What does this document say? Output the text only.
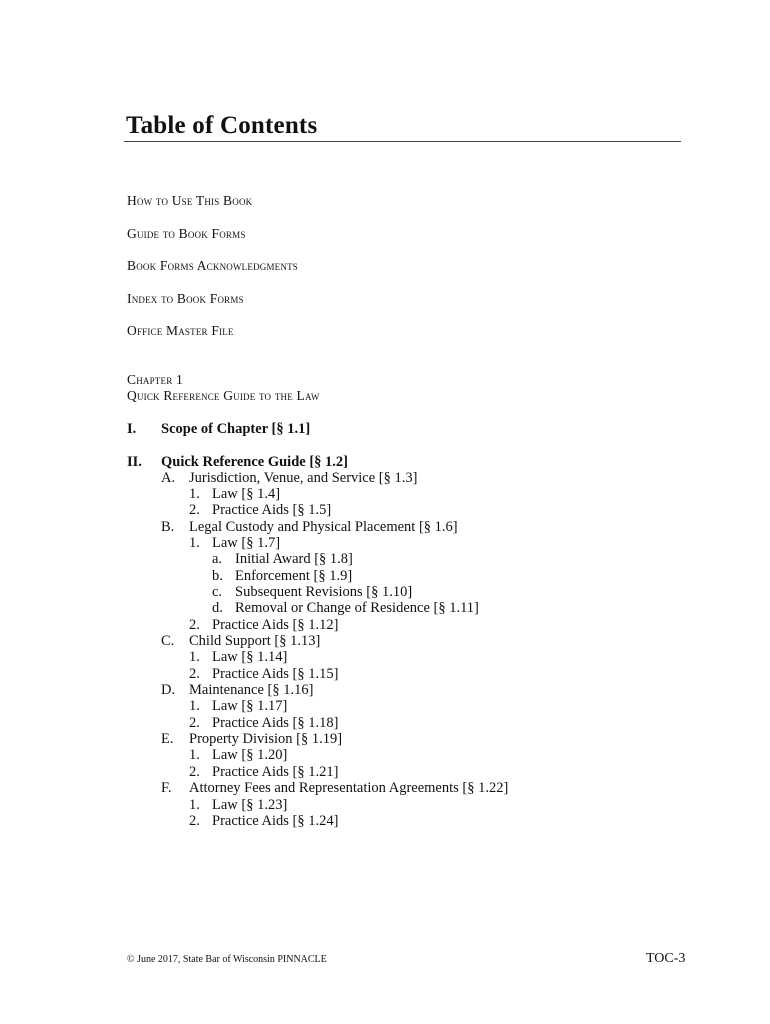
Table of Contents
How to Use This Book
Guide to Book Forms
Book Forms Acknowledgments
Index to Book Forms
Office Master File
Chapter 1
Quick Reference Guide to the Law
I. Scope of Chapter [§ 1.1]
II. Quick Reference Guide [§ 1.2]
A. Jurisdiction, Venue, and Service [§ 1.3]
1. Law [§ 1.4]
2. Practice Aids [§ 1.5]
B. Legal Custody and Physical Placement [§ 1.6]
1. Law [§ 1.7]
a. Initial Award [§ 1.8]
b. Enforcement [§ 1.9]
c. Subsequent Revisions [§ 1.10]
d. Removal or Change of Residence [§ 1.11]
2. Practice Aids [§ 1.12]
C. Child Support [§ 1.13]
1. Law [§ 1.14]
2. Practice Aids [§ 1.15]
D. Maintenance [§ 1.16]
1. Law [§ 1.17]
2. Practice Aids [§ 1.18]
E. Property Division [§ 1.19]
1. Law [§ 1.20]
2. Practice Aids [§ 1.21]
F. Attorney Fees and Representation Agreements [§ 1.22]
1. Law [§ 1.23]
2. Practice Aids [§ 1.24]
© June 2017, State Bar of Wisconsin PINNACLE	TOC-3
